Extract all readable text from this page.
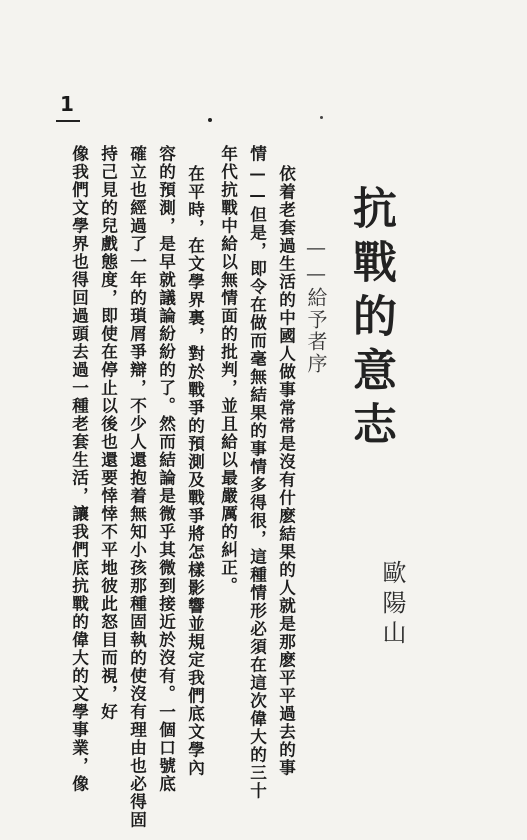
1
抗戰的意志
——給予者序
歐陽山
依着老套過生活的中國人做事常常是沒有什麽結果的人就是那麽平平過去的事
情——但是，即令在做而毫無結果的事情多得很，這種情形必須在這次偉大的三十
年代抗戰中給以無情面的批判，並且給以最嚴厲的糾正。
在平時，在文學界裏，對於戰爭的預測及戰爭將怎樣影響並規定我們底文學內
容的預測，是早就議論紛紛的了。然而結論是微乎其微到接近於沒有。一個口號底
確立也經過了一年的瑣屑爭辯，不少人還抱着無知小孩那種固執的使沒有理由也必得固
持己見的兒戲態度，即使在停止以後也還要悻悻不平地彼此怒目而視，好
像我們文學界也得回過頭去過一種老套生活，讓我們底抗戰的偉大的文學事業，像
